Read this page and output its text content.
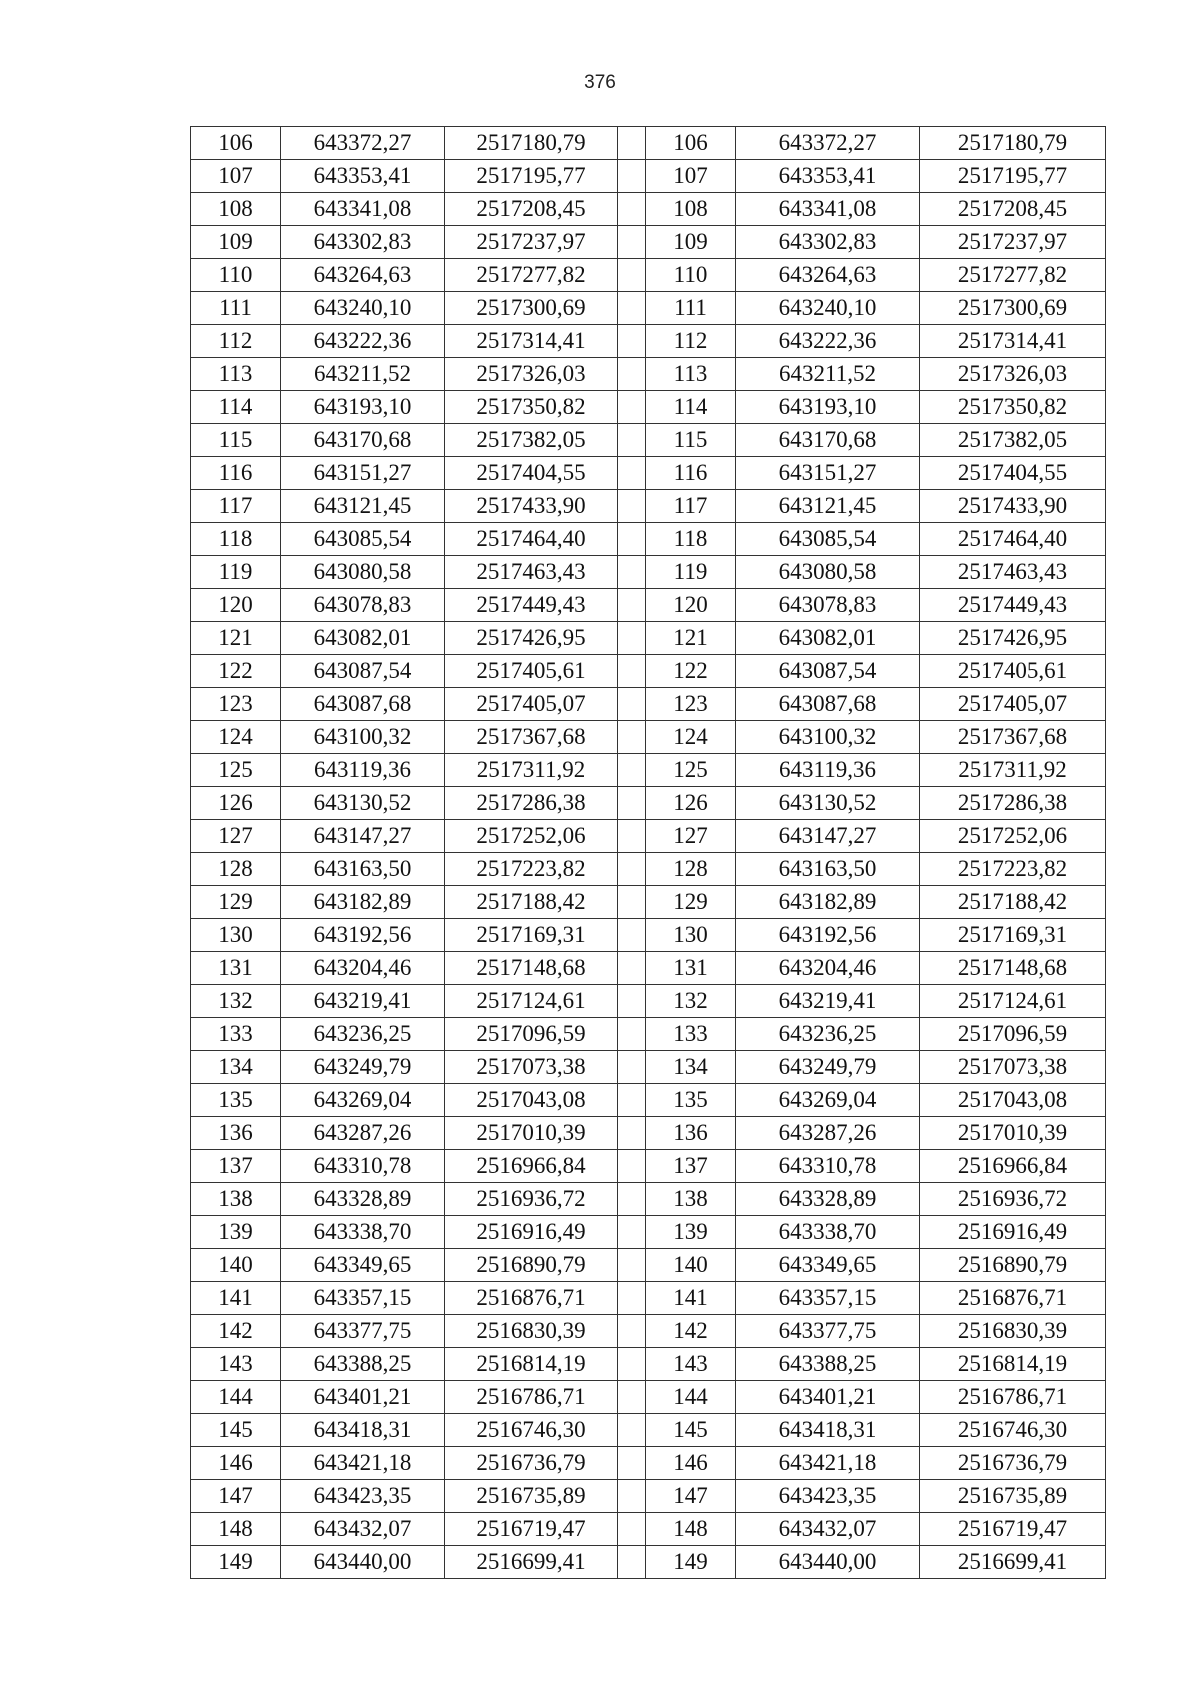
376
106	643372,27	2517180,79		106	643372,27	2517180,79
107	643353,41	2517195,77		107	643353,41	2517195,77
108	643341,08	2517208,45		108	643341,08	2517208,45
109	643302,83	2517237,97		109	643302,83	2517237,97
110	643264,63	2517277,82		110	643264,63	2517277,82
111	643240,10	2517300,69		111	643240,10	2517300,69
112	643222,36	2517314,41		112	643222,36	2517314,41
113	643211,52	2517326,03		113	643211,52	2517326,03
114	643193,10	2517350,82		114	643193,10	2517350,82
115	643170,68	2517382,05		115	643170,68	2517382,05
116	643151,27	2517404,55		116	643151,27	2517404,55
117	643121,45	2517433,90		117	643121,45	2517433,90
118	643085,54	2517464,40		118	643085,54	2517464,40
119	643080,58	2517463,43		119	643080,58	2517463,43
120	643078,83	2517449,43		120	643078,83	2517449,43
121	643082,01	2517426,95		121	643082,01	2517426,95
122	643087,54	2517405,61		122	643087,54	2517405,61
123	643087,68	2517405,07		123	643087,68	2517405,07
124	643100,32	2517367,68		124	643100,32	2517367,68
125	643119,36	2517311,92		125	643119,36	2517311,92
126	643130,52	2517286,38		126	643130,52	2517286,38
127	643147,27	2517252,06		127	643147,27	2517252,06
128	643163,50	2517223,82		128	643163,50	2517223,82
129	643182,89	2517188,42		129	643182,89	2517188,42
130	643192,56	2517169,31		130	643192,56	2517169,31
131	643204,46	2517148,68		131	643204,46	2517148,68
132	643219,41	2517124,61		132	643219,41	2517124,61
133	643236,25	2517096,59		133	643236,25	2517096,59
134	643249,79	2517073,38		134	643249,79	2517073,38
135	643269,04	2517043,08		135	643269,04	2517043,08
136	643287,26	2517010,39		136	643287,26	2517010,39
137	643310,78	2516966,84		137	643310,78	2516966,84
138	643328,89	2516936,72		138	643328,89	2516936,72
139	643338,70	2516916,49		139	643338,70	2516916,49
140	643349,65	2516890,79		140	643349,65	2516890,79
141	643357,15	2516876,71		141	643357,15	2516876,71
142	643377,75	2516830,39		142	643377,75	2516830,39
143	643388,25	2516814,19		143	643388,25	2516814,19
144	643401,21	2516786,71		144	643401,21	2516786,71
145	643418,31	2516746,30		145	643418,31	2516746,30
146	643421,18	2516736,79		146	643421,18	2516736,79
147	643423,35	2516735,89		147	643423,35	2516735,89
148	643432,07	2516719,47		148	643432,07	2516719,47
149	643440,00	2516699,41		149	643440,00	2516699,41
